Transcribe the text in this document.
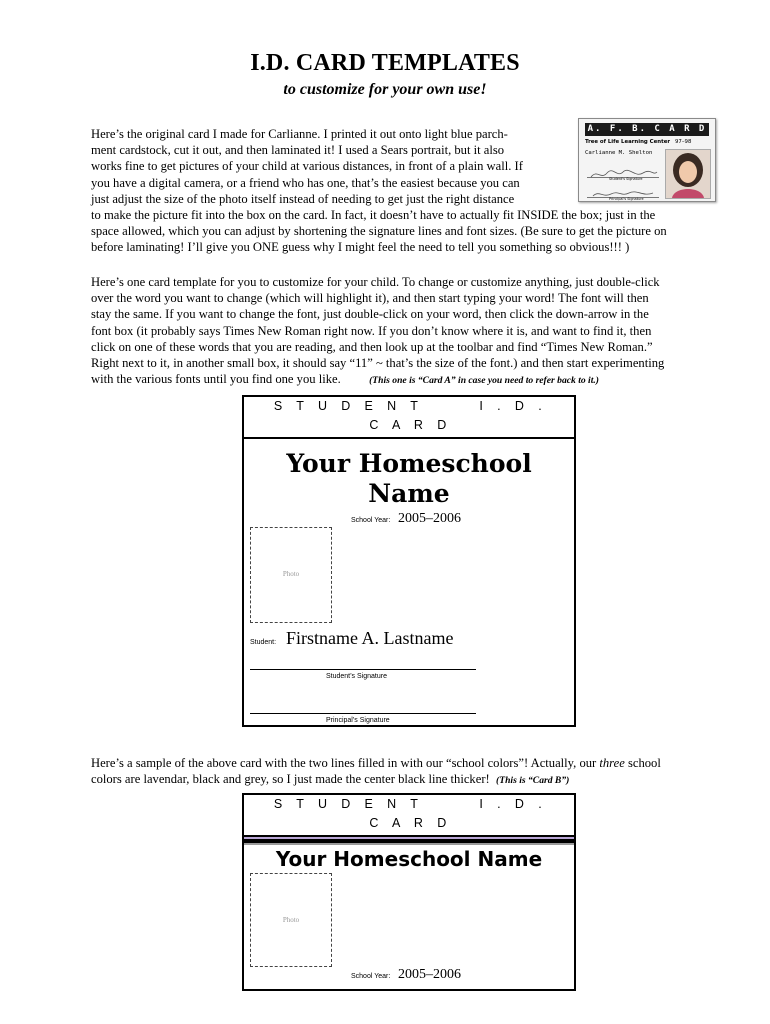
I.D. CARD TEMPLATES
to customize for your own use!
Here’s the original card I made for Carlianne. I printed it out onto light blue parch-
ment cardstock, cut it out, and then laminated it! I used a Sears portrait, but it also
works fine to get pictures of your child at various distances, in front of a plain wall. If
you have a digital camera, or a friend who has one, that’s the easiest because you can
just adjust the size of the photo itself instead of needing to get just the right distance
to make the picture fit into the box on the card. In fact, it doesn’t have to actually fit INSIDE the box; just in the
space allowed, which you can adjust by shortening the signature lines and font sizes. (Be sure to get the picture on
before laminating! I’ll give you ONE guess why I might feel the need to tell you something so obvious!!! )
A. F. B. C A R D
Tree of Life Learning Center 97–98
Carlianne M. Shelton
Student's Signature
Principal's Signature
Here’s one card template for you to customize for your child. To change or customize anything, just double-click
over the word you want to change (which will highlight it), and then start typing your word! The font will then
stay the same. If you want to change the font, just double-click on your word, then click the down-arrow in the
font box (it probably says Times New Roman right now. If you don’t know where it is, and want to find it, then
click on one of these words that you are reading, and then look up at the toolbar and find “Times New Roman.”
Right next to it, in another small box, it should say “11” ~ that’s the size of the font.) and then start experimenting
with the various fonts until you find one you like.	(This one is “Card A” in case you need to refer back to it.)
S T U D E N T     I . D .
C A R D
Your Homeschool
Name
School Year: 2005–2006
Photo
Student: Firstname A. Lastname
Student’s Signature
Principal’s Signature
Here’s a sample of the above card with the two lines filled in with our “school colors”! Actually, our three school
colors are lavendar, black and grey, so I just made the center black line thicker! (This is “Card B”)
S T U D E N T     I . D .
C A R D
Your Homeschool Name
Photo
School Year: 2005–2006
